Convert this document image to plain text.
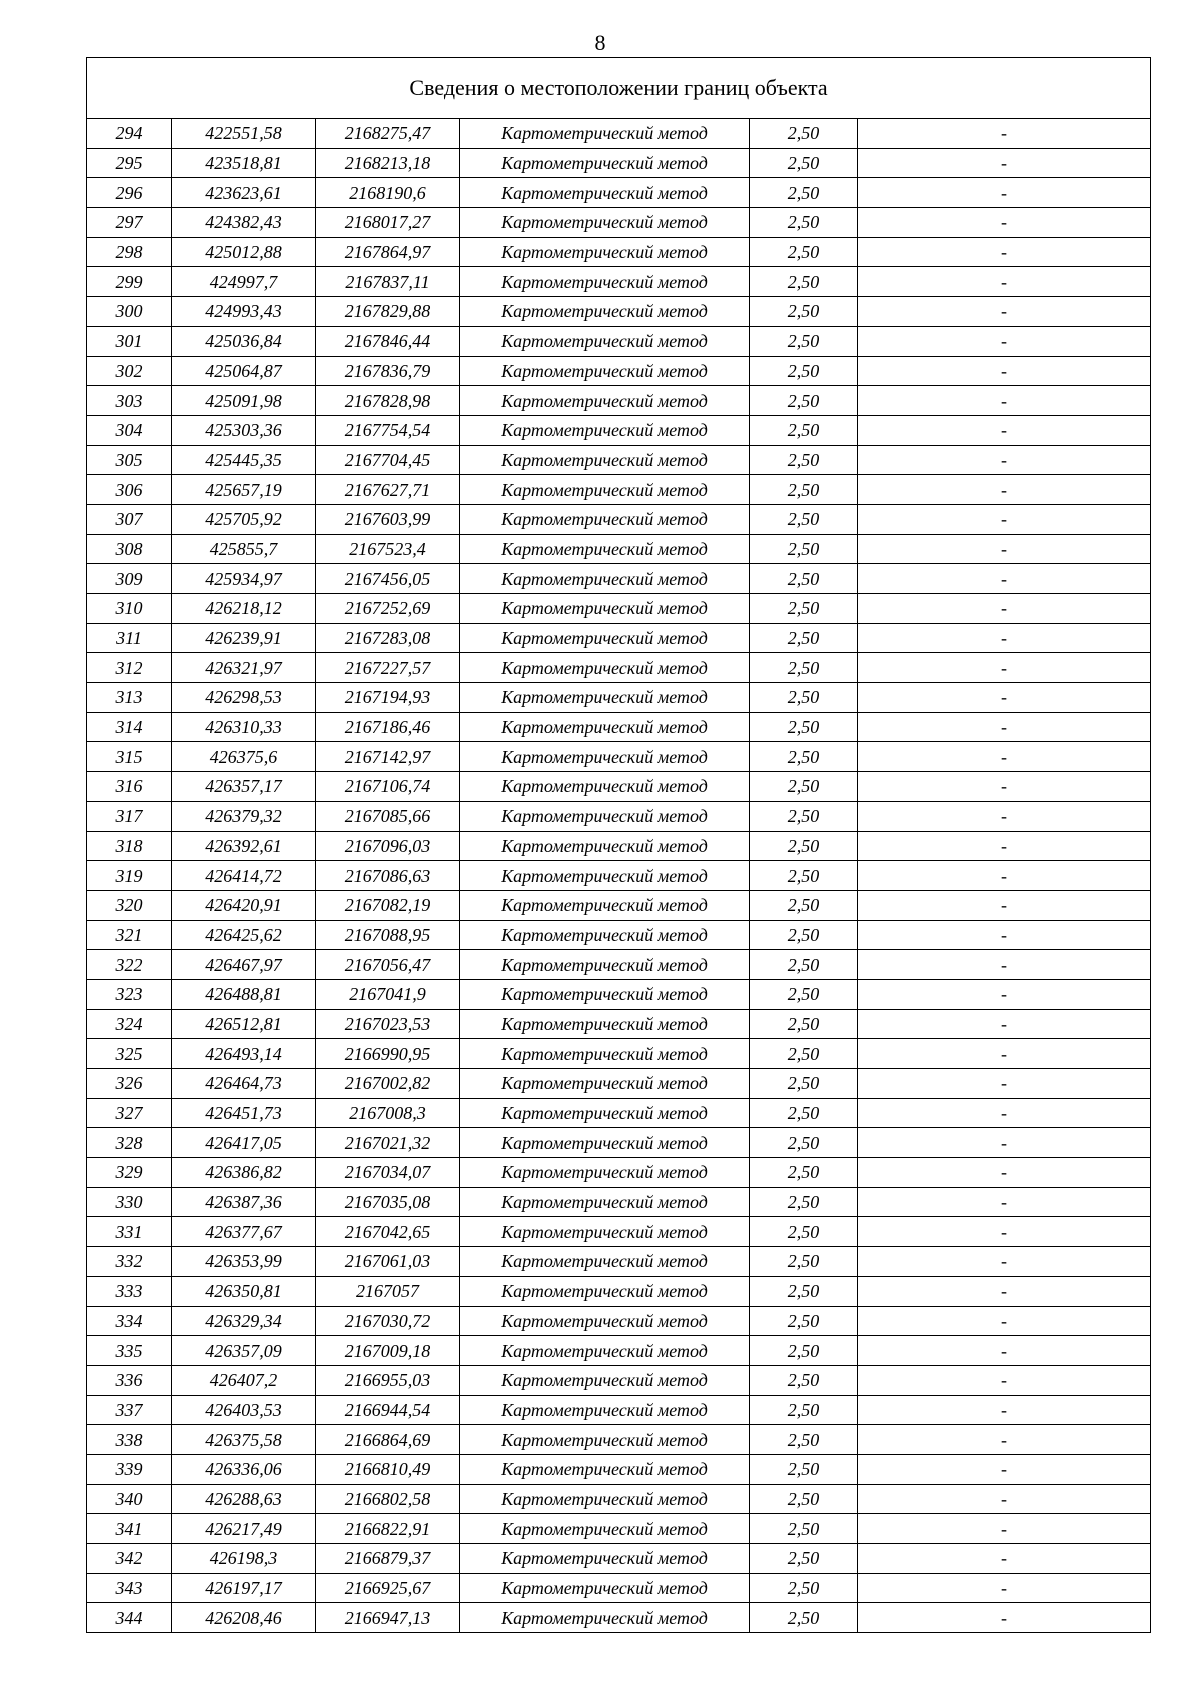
8
Сведения о местоположении границ объекта					
294	422551,58	2168275,47	Картометрический метод	2,50	-
295	423518,81	2168213,18	Картометрический метод	2,50	-
296	423623,61	2168190,6	Картометрический метод	2,50	-
297	424382,43	2168017,27	Картометрический метод	2,50	-
298	425012,88	2167864,97	Картометрический метод	2,50	-
299	424997,7	2167837,11	Картометрический метод	2,50	-
300	424993,43	2167829,88	Картометрический метод	2,50	-
301	425036,84	2167846,44	Картометрический метод	2,50	-
302	425064,87	2167836,79	Картометрический метод	2,50	-
303	425091,98	2167828,98	Картометрический метод	2,50	-
304	425303,36	2167754,54	Картометрический метод	2,50	-
305	425445,35	2167704,45	Картометрический метод	2,50	-
306	425657,19	2167627,71	Картометрический метод	2,50	-
307	425705,92	2167603,99	Картометрический метод	2,50	-
308	425855,7	2167523,4	Картометрический метод	2,50	-
309	425934,97	2167456,05	Картометрический метод	2,50	-
310	426218,12	2167252,69	Картометрический метод	2,50	-
311	426239,91	2167283,08	Картометрический метод	2,50	-
312	426321,97	2167227,57	Картометрический метод	2,50	-
313	426298,53	2167194,93	Картометрический метод	2,50	-
314	426310,33	2167186,46	Картометрический метод	2,50	-
315	426375,6	2167142,97	Картометрический метод	2,50	-
316	426357,17	2167106,74	Картометрический метод	2,50	-
317	426379,32	2167085,66	Картометрический метод	2,50	-
318	426392,61	2167096,03	Картометрический метод	2,50	-
319	426414,72	2167086,63	Картометрический метод	2,50	-
320	426420,91	2167082,19	Картометрический метод	2,50	-
321	426425,62	2167088,95	Картометрический метод	2,50	-
322	426467,97	2167056,47	Картометрический метод	2,50	-
323	426488,81	2167041,9	Картометрический метод	2,50	-
324	426512,81	2167023,53	Картометрический метод	2,50	-
325	426493,14	2166990,95	Картометрический метод	2,50	-
326	426464,73	2167002,82	Картометрический метод	2,50	-
327	426451,73	2167008,3	Картометрический метод	2,50	-
328	426417,05	2167021,32	Картометрический метод	2,50	-
329	426386,82	2167034,07	Картометрический метод	2,50	-
330	426387,36	2167035,08	Картометрический метод	2,50	-
331	426377,67	2167042,65	Картометрический метод	2,50	-
332	426353,99	2167061,03	Картометрический метод	2,50	-
333	426350,81	2167057	Картометрический метод	2,50	-
334	426329,34	2167030,72	Картометрический метод	2,50	-
335	426357,09	2167009,18	Картометрический метод	2,50	-
336	426407,2	2166955,03	Картометрический метод	2,50	-
337	426403,53	2166944,54	Картометрический метод	2,50	-
338	426375,58	2166864,69	Картометрический метод	2,50	-
339	426336,06	2166810,49	Картометрический метод	2,50	-
340	426288,63	2166802,58	Картометрический метод	2,50	-
341	426217,49	2166822,91	Картометрический метод	2,50	-
342	426198,3	2166879,37	Картометрический метод	2,50	-
343	426197,17	2166925,67	Картометрический метод	2,50	-
344	426208,46	2166947,13	Картометрический метод	2,50	-
